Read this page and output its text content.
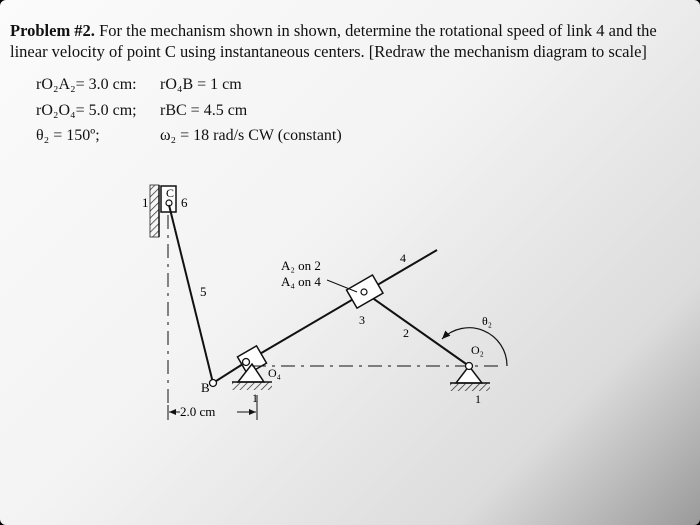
Problem #2. For the mechanism shown in shown, determine the rotational speed of link 4 and the linear velocity of point C using instantaneous centers. [Redraw the mechanism diagram to scale]
rO₂A₂= 3.0 cm: rO₄B = 1 cm
rO₂O₄= 5.0 cm; rBC = 4.5 cm
θ₂ = 150º;	ω₂ = 18 rad/s CW (constant)
C
1	6
5
4
O₄
1
B
2
3
A₂ on 2
A₄ on 4
O₂
1
θ₂
2.0 cm
